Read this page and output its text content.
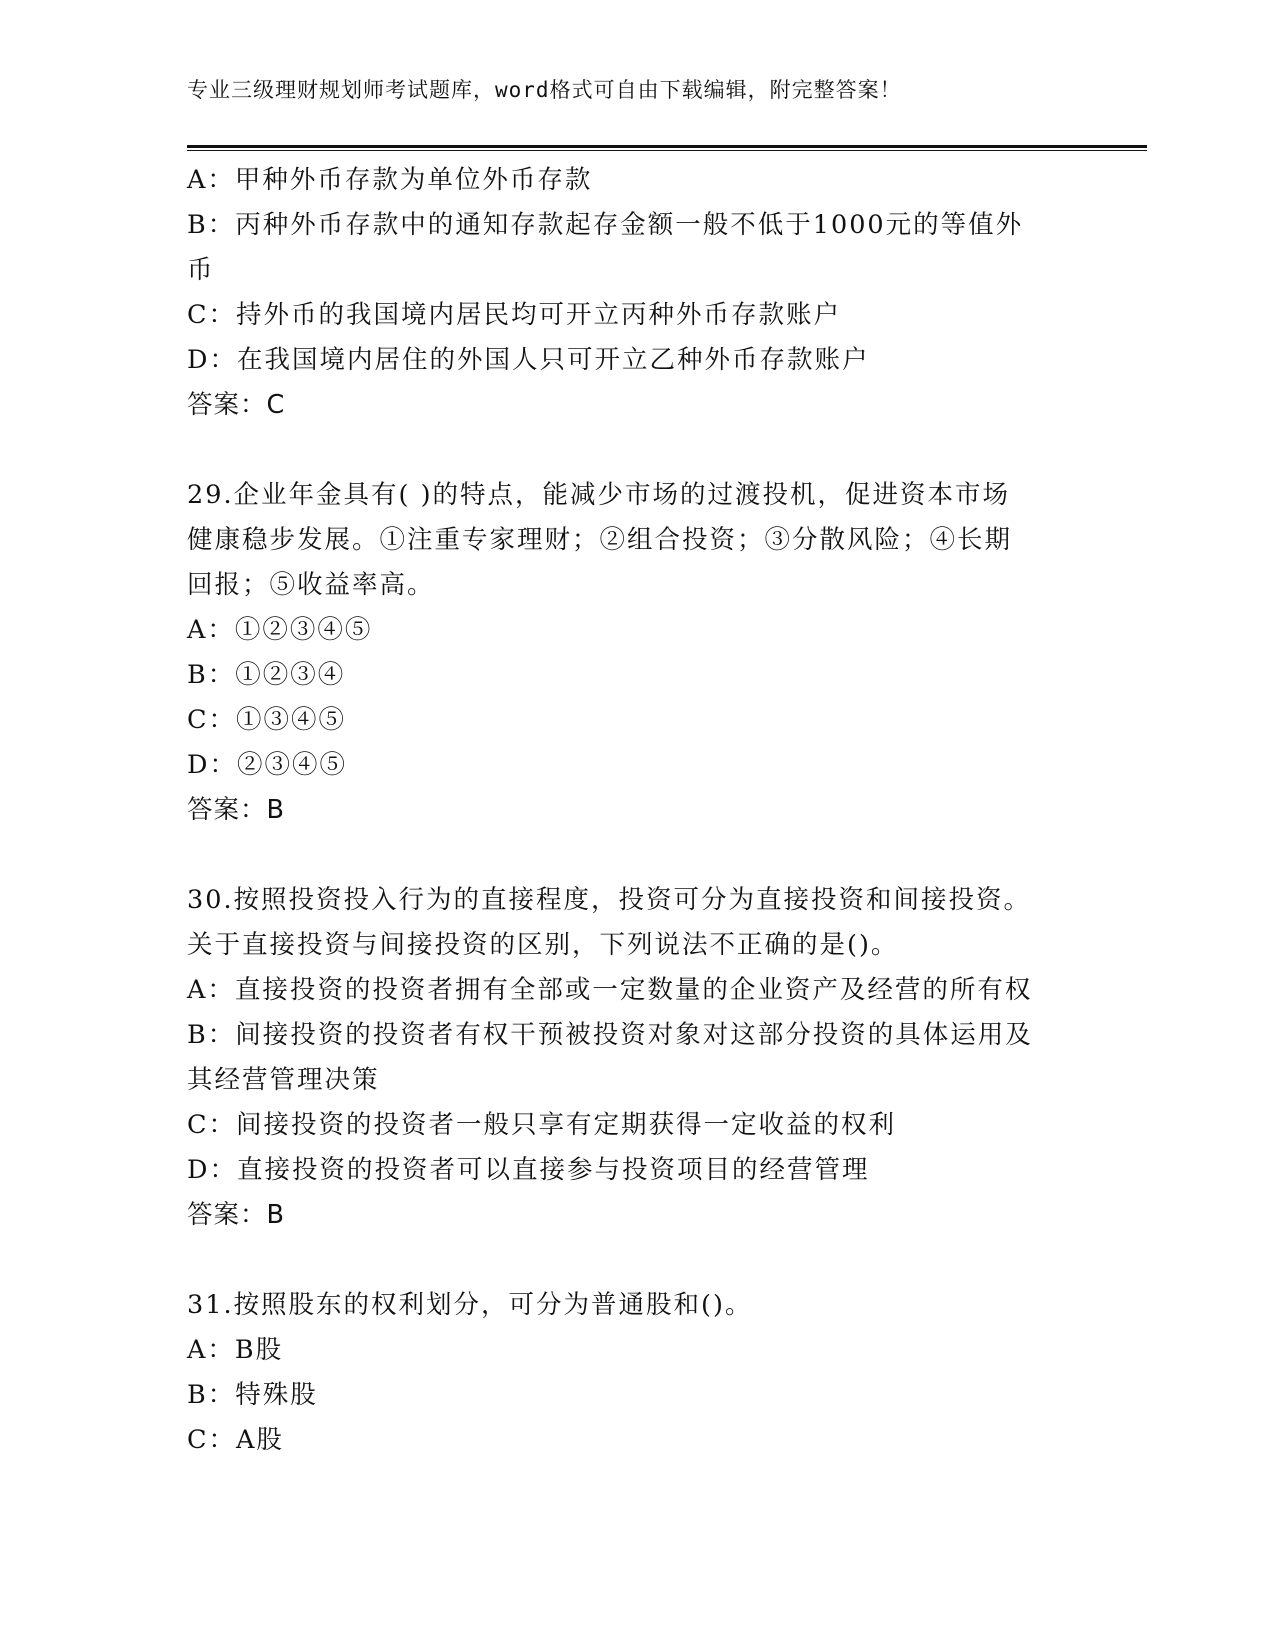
专业三级理财规划师考试题库，word格式可自由下载编辑，附完整答案！
A：甲种外币存款为单位外币存款
B：丙种外币存款中的通知存款起存金额一般不低于1000元的等值外
币
C：持外币的我国境内居民均可开立丙种外币存款账户
D：在我国境内居住的外国人只可开立乙种外币存款账户
答案：C
29.企业年金具有( )的特点，能减少市场的过渡投机，促进资本市场
健康稳步发展。①注重专家理财；②组合投资；③分散风险；④长期
回报；⑤收益率高。
A：①②③④⑤
B：①②③④
C：①③④⑤
D：②③④⑤
答案：B
30.按照投资投入行为的直接程度，投资可分为直接投资和间接投资。
关于直接投资与间接投资的区别，下列说法不正确的是()。
A：直接投资的投资者拥有全部或一定数量的企业资产及经营的所有权
B：间接投资的投资者有权干预被投资对象对这部分投资的具体运用及
其经营管理决策
C：间接投资的投资者一般只享有定期获得一定收益的权利
D：直接投资的投资者可以直接参与投资项目的经营管理
答案：B
31.按照股东的权利划分，可分为普通股和()。
A：B股
B：特殊股
C：A股
